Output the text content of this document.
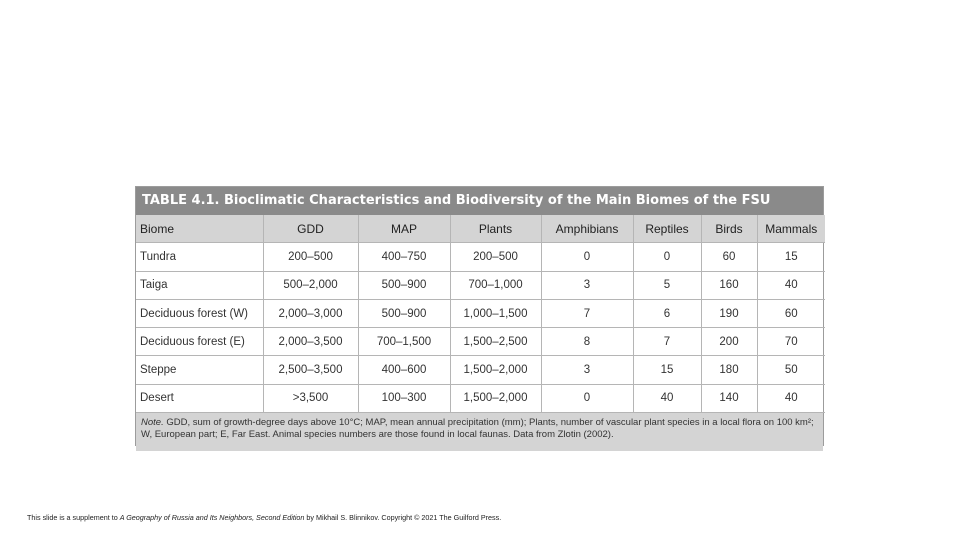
TABLE 4.1. Bioclimatic Characteristics and Biodiversity of the Main Biomes of the FSU
Biome	GDD	MAP	Plants	Amphibians	Reptiles	Birds	Mammals
Tundra	200–500	400–750	200–500	0	0	60	15
Taiga	500–2,000	500–900	700–1,000	3	5	160	40
Deciduous forest (W)	2,000–3,000	500–900	1,000–1,500	7	6	190	60
Deciduous forest (E)	2,000–3,500	700–1,500	1,500–2,500	8	7	200	70
Steppe	2,500–3,500	400–600	1,500–2,000	3	15	180	50
Desert	>3,500	100–300	1,500–2,000	0	40	140	40
Note. GDD, sum of growth-degree days above 10°C; MAP, mean annual precipitation (mm); Plants, number of vascular plant species in a local flora on 100 km²; W, European part; E, Far East. Animal species numbers are those found in local faunas. Data from Zlotin (2002).
This slide is a supplement to A Geography of Russia and Its Neighbors, Second Edition by Mikhail S. Blinnikov. Copyright © 2021 The Guilford Press.
